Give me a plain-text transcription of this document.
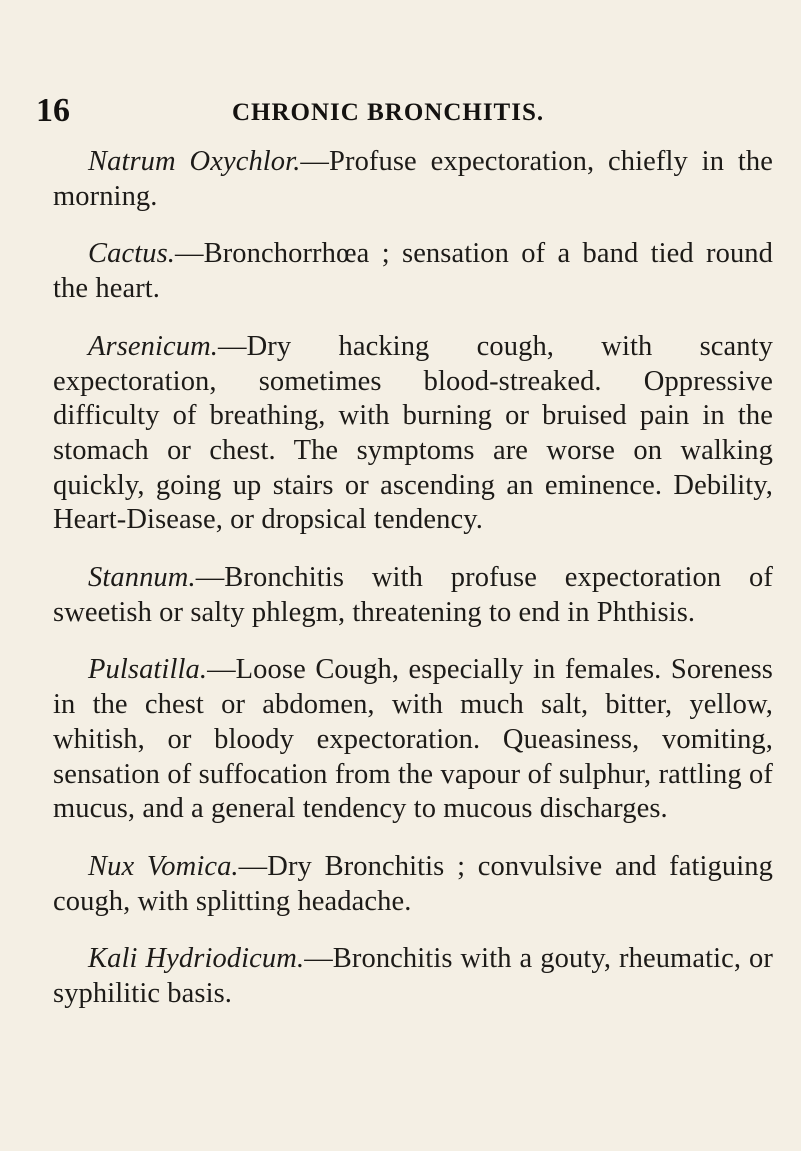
16	CHRONIC BRONCHITIS.

Natrum Oxychlor.—Profuse expectoration, chiefly in the morning.

Cactus.—Bronchorrhœa ; sensation of a band tied round the heart.

Arsenicum.—Dry hacking cough, with scanty expectoration, sometimes blood-streaked. Oppressive difficulty of breathing, with burning or bruised pain in the stomach or chest. The symptoms are worse on walking quickly, going up stairs or ascending an eminence. Debility, Heart-Disease, or dropsical tendency.

Stannum.—Bronchitis with profuse expectoration of sweetish or salty phlegm, threatening to end in Phthisis.

Pulsatilla.—Loose Cough, especially in females. Soreness in the chest or abdomen, with much salt, bitter, yellow, whitish, or bloody expectoration. Queasiness, vomiting, sensation of suffocation from the vapour of sulphur, rattling of mucus, and a general tendency to mucous discharges.

Nux Vomica.—Dry Bronchitis ; convulsive and fatiguing cough, with splitting headache.

Kali Hydriodicum.—Bronchitis with a gouty, rheumatic, or syphilitic basis.
